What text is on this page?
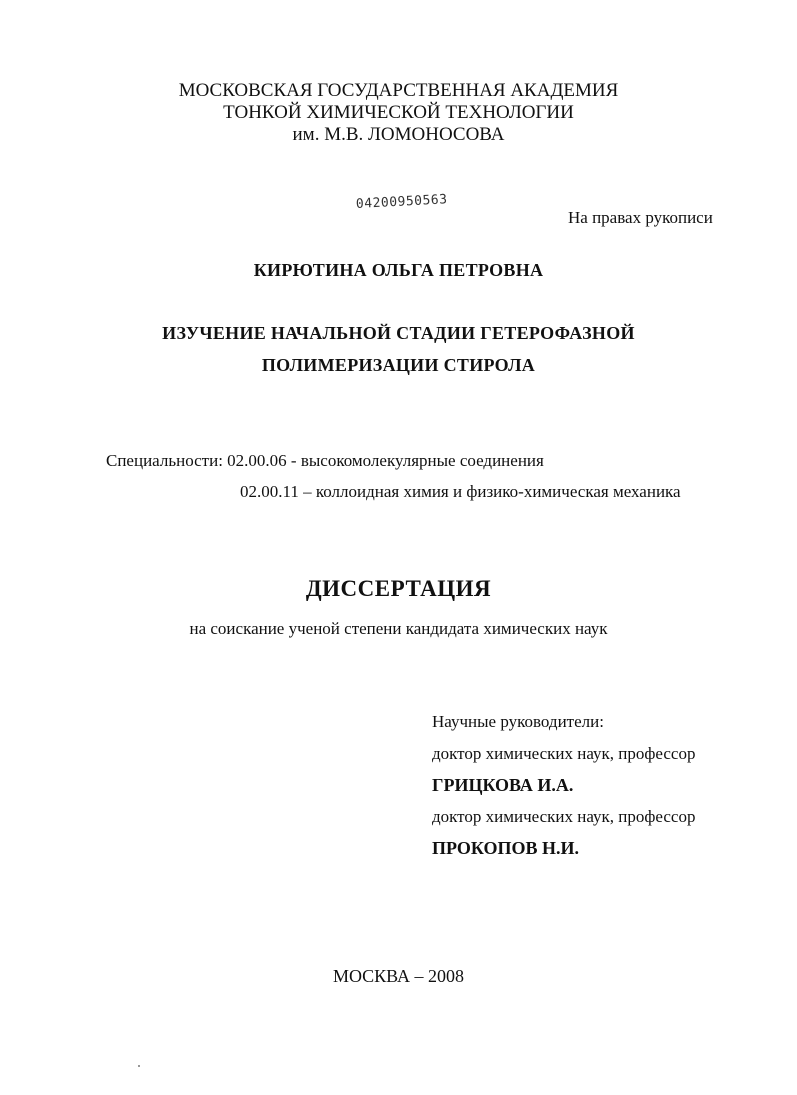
МОСКОВСКАЯ ГОСУДАРСТВЕННАЯ АКАДЕМИЯ
ТОНКОЙ ХИМИЧЕСКОЙ ТЕХНОЛОГИИ
им. М.В. ЛОМОНОСОВА
04200950563
На правах рукописи
КИРЮТИНА ОЛЬГА ПЕТРОВНА
ИЗУЧЕНИЕ НАЧАЛЬНОЙ СТАДИИ ГЕТЕРОФАЗНОЙ
ПОЛИМЕРИЗАЦИИ СТИРОЛА
Специальности: 02.00.06 - высокомолекулярные соединения
02.00.11 – коллоидная химия и физико-химическая механика
ДИССЕРТАЦИЯ
на соискание ученой степени кандидата химических наук
Научные руководители:
доктор химических наук, профессор
ГРИЦКОВА И.А.
доктор химических наук, профессор
ПРОКОПОВ Н.И.
МОСКВА – 2008
